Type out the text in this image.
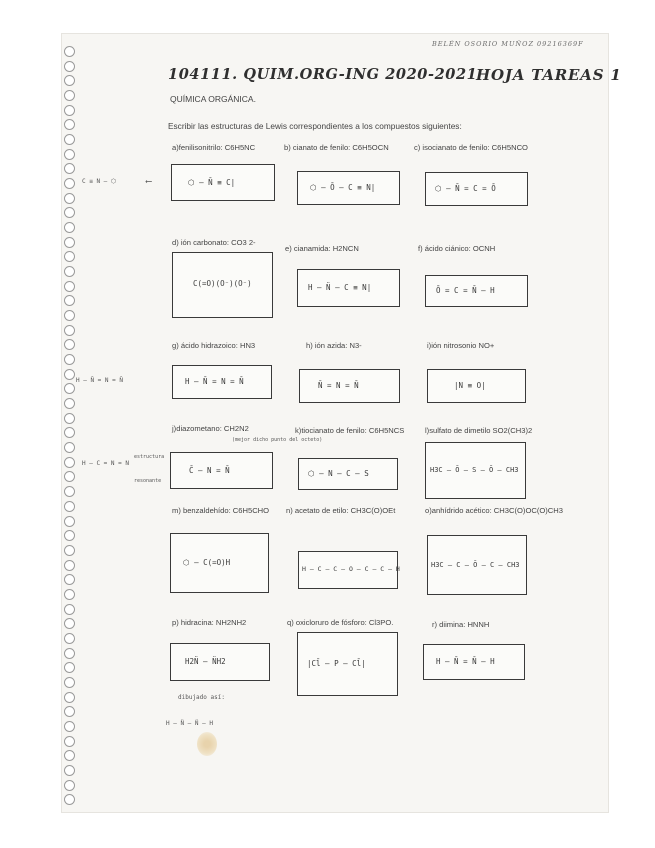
BELÉN OSORIO MUÑOZ 09216369F
104111. QUIM.ORG-ING 2020-2021
HOJA TAREAS 1
QUÍMICA ORGÁNICA.
Escribir las estructuras de Lewis correspondientes a los compuestos siguientes:
a)fenilisonitrilo: C6H5NC
⬡ — N̄ ≡ C|
b) cianato de fenilo: C6H5OCN
⬡ — Ō — C ≡ N|
c) isocianato de fenilo: C6H5NCO
⬡ — N̄ = C = Ō
C ≡ N — ⬡	⟵
d) ión carbonato: CO3 2-
C(=O)(O⁻)(O⁻)
e) cianamida: H2NCN
H — N̈ — C ≡ N|
f) ácido ciánico: OCNH
Ō = C = N̄ — H
g) ácido hidrazoico: HN3
H — N̄ = N = N̄
h) ión azida: N3-
N̄ = N = N̄
i)ión nitrosonio NO+
|N ≡ O|
H — N̄ = N = N̄
j)diazometano: CH2N2
C̄ — N = N̄
k)tiocianato de fenilo: C6H5NCS
⬡ — N — C — S
l)sulfato de dimetilo SO2(CH3)2
H3C — Ō — S — Ō — CH3
H — C = N = N
estructura
resonante
(mejor dicho punto del octeto)
m) benzaldehído: C6H5CHO
⬡ — C(=O)H
n) acetato de etilo: CH3C(O)OEt
H — C — C — O — C — C — H
o)anhídrido acético: CH3C(O)OC(O)CH3
H3C — C — Ō — C — CH3
p) hidracina: NH2NH2
H2N̈ — N̈H2
q) oxicloruro de fósforo: Cl3PO.
|Cl̄ — P — Cl̄|
r) diimina: HNNH
H — N̄ = N̄ — H
dibujado así:
H — N̈ — N̈ — H
